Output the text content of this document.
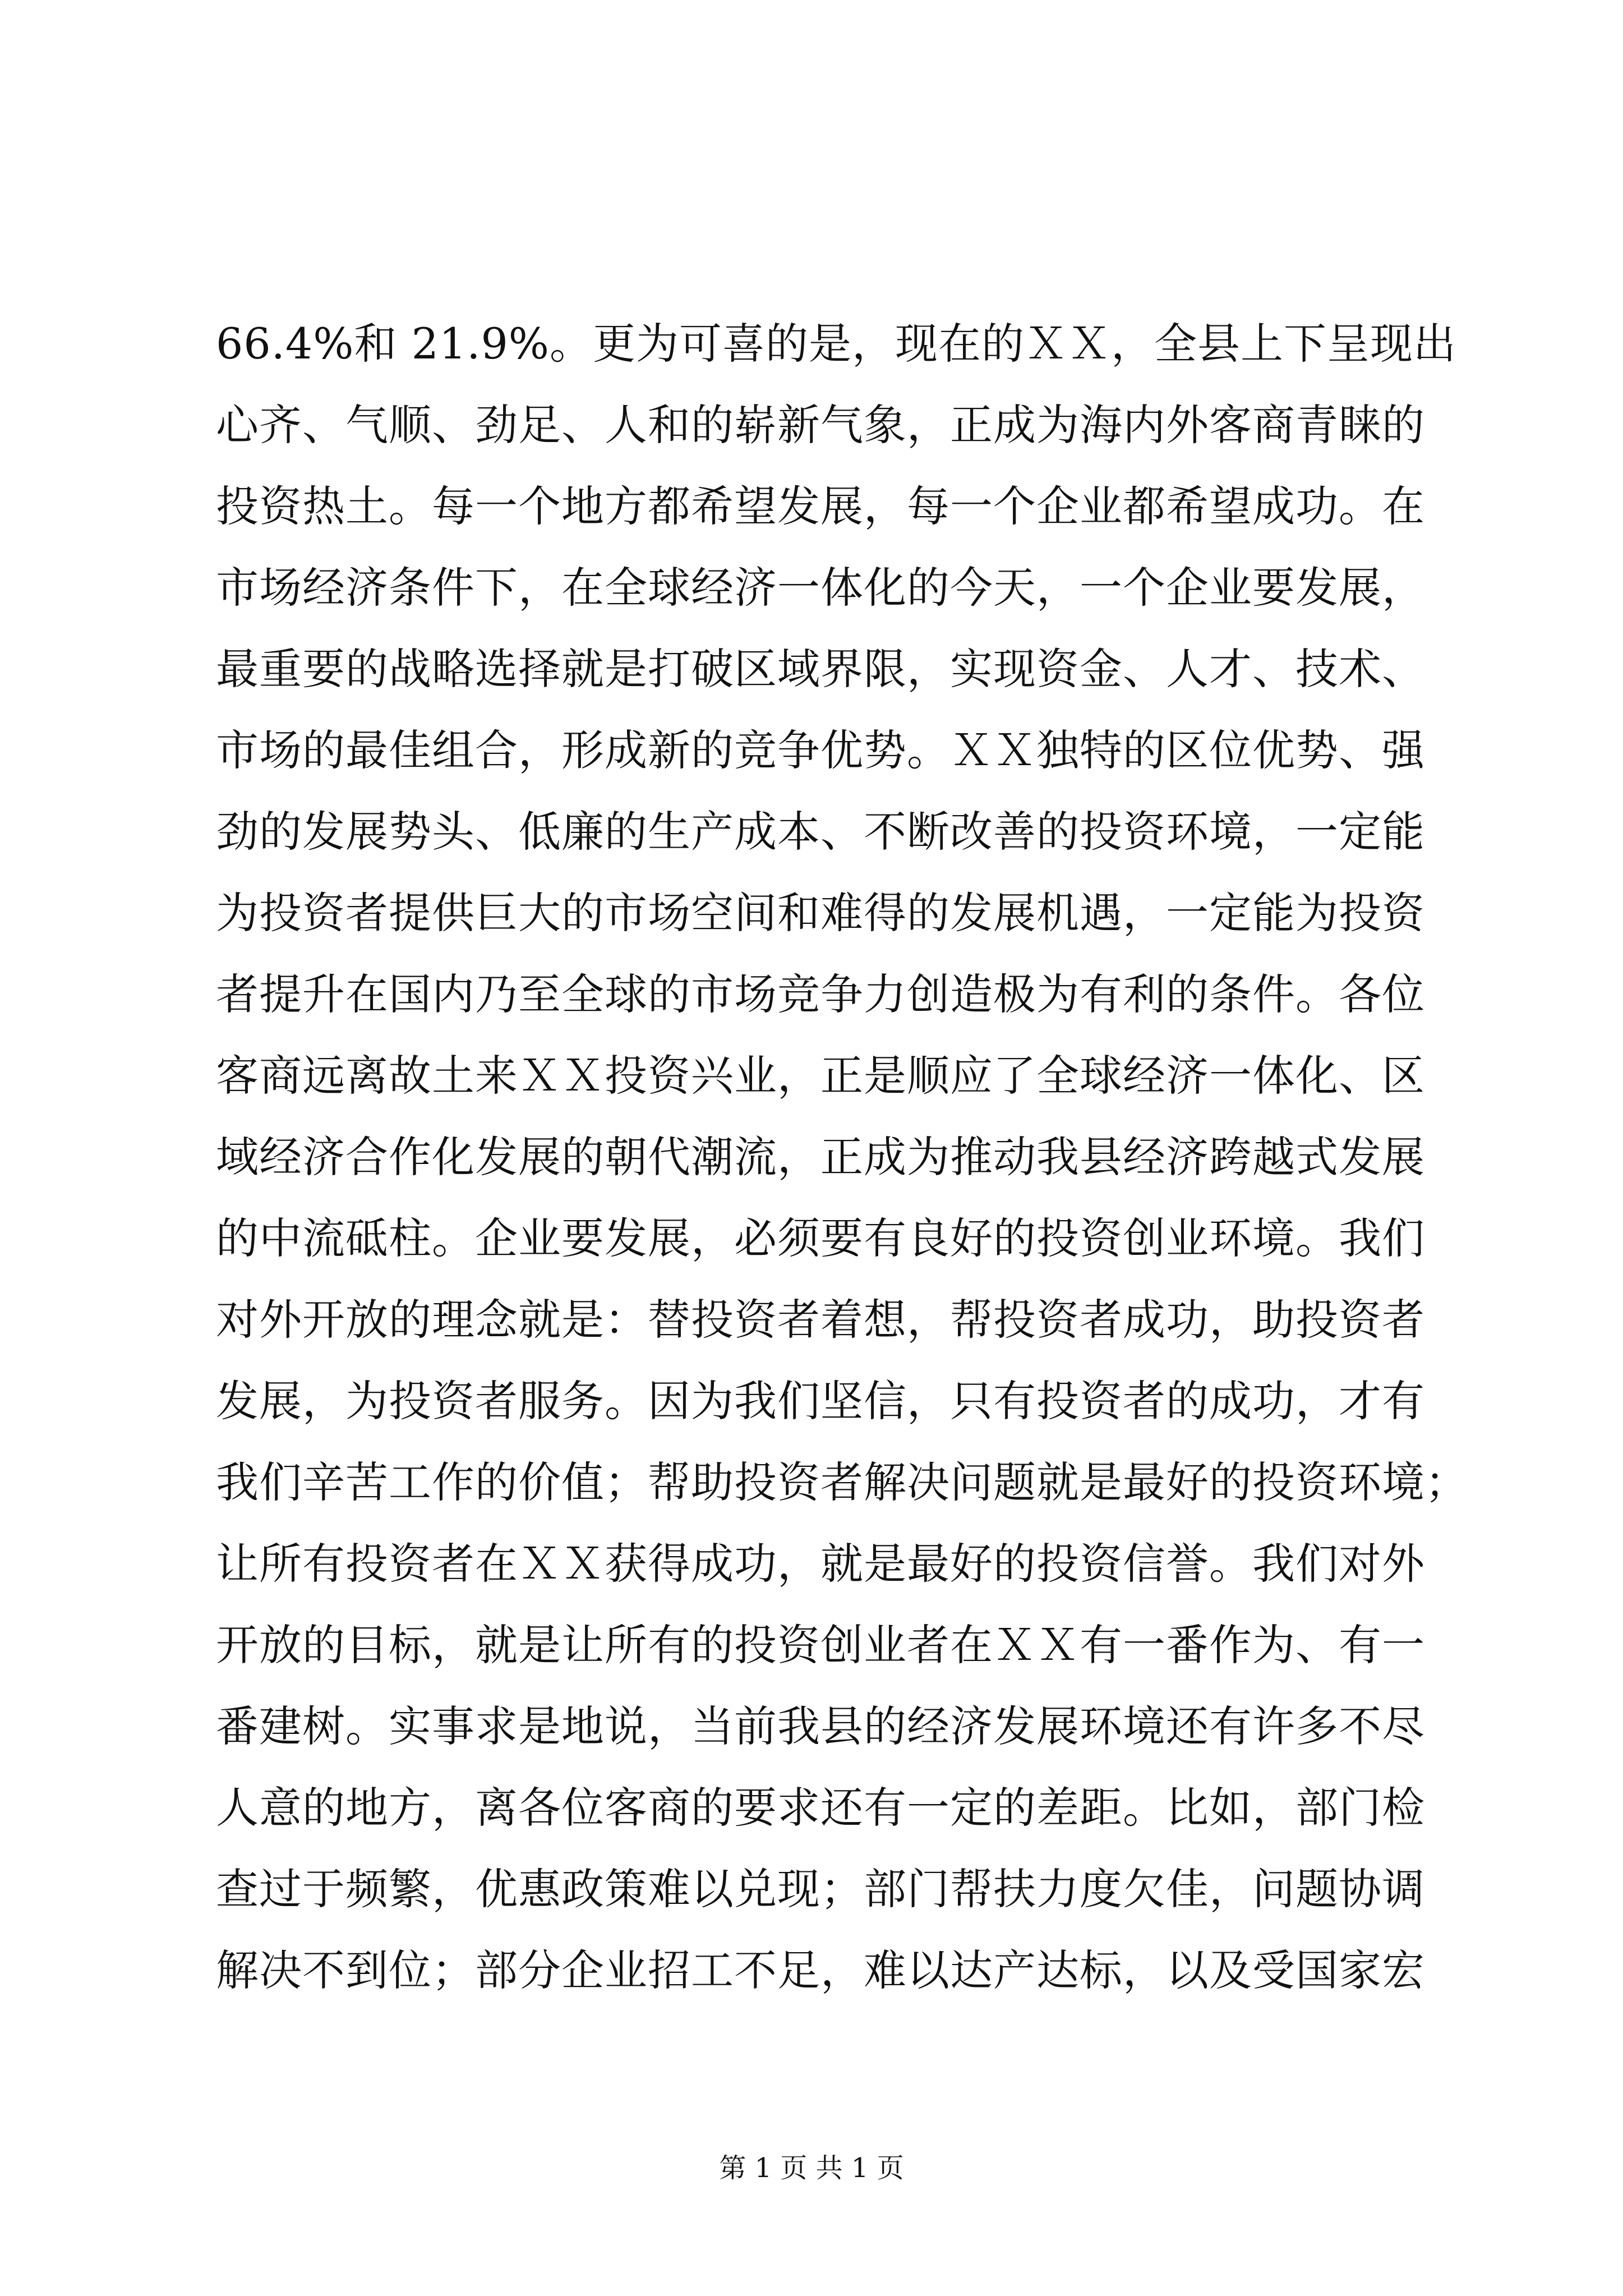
66.4%和 21.9%。更为可喜的是，现在的ＸＸ，全县上下呈现出
心齐、气顺、劲足、人和的崭新气象，正成为海内外客商青睐的
投资热土。每一个地方都希望发展，每一个企业都希望成功。在
市场经济条件下，在全球经济一体化的今天，一个企业要发展，
最重要的战略选择就是打破区域界限，实现资金、人才、技术、
市场的最佳组合，形成新的竞争优势。ＸＸ独特的区位优势、强
劲的发展势头、低廉的生产成本、不断改善的投资环境，一定能
为投资者提供巨大的市场空间和难得的发展机遇，一定能为投资
者提升在国内乃至全球的市场竞争力创造极为有利的条件。各位
客商远离故土来ＸＸ投资兴业，正是顺应了全球经济一体化、区
域经济合作化发展的朝代潮流，正成为推动我县经济跨越式发展
的中流砥柱。企业要发展，必须要有良好的投资创业环境。我们
对外开放的理念就是：替投资者着想，帮投资者成功，助投资者
发展，为投资者服务。因为我们坚信，只有投资者的成功，才有
我们辛苦工作的价值；帮助投资者解决问题就是最好的投资环境；
让所有投资者在ＸＸ获得成功，就是最好的投资信誉。我们对外
开放的目标，就是让所有的投资创业者在ＸＸ有一番作为、有一
番建树。实事求是地说，当前我县的经济发展环境还有许多不尽
人意的地方，离各位客商的要求还有一定的差距。比如，部门检
查过于频繁，优惠政策难以兑现；部门帮扶力度欠佳，问题协调
解决不到位；部分企业招工不足，难以达产达标，以及受国家宏
第 1 页 共 1 页
